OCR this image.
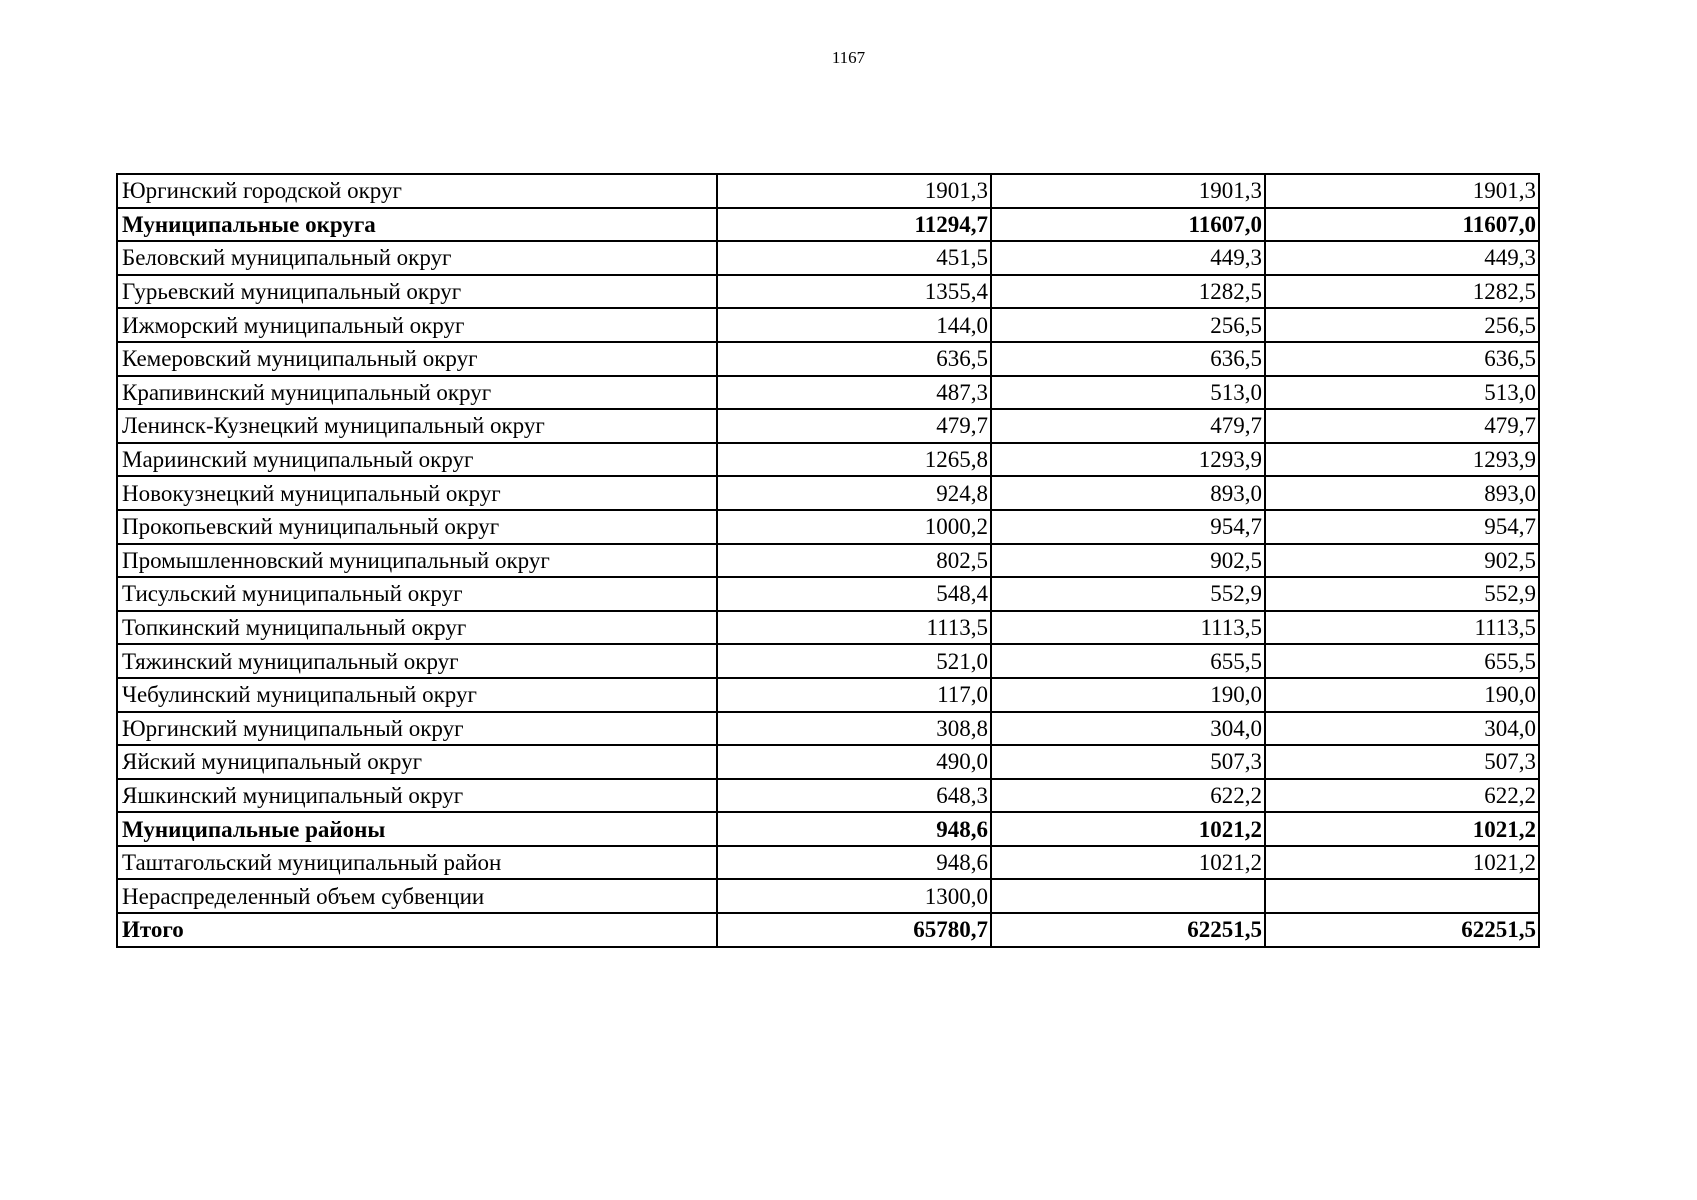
1167
Юргинский городской округ	1901,3	1901,3	1901,3
Муниципальные округа	11294,7	11607,0	11607,0
Беловский муниципальный округ	451,5	449,3	449,3
Гурьевский муниципальный округ	1355,4	1282,5	1282,5
Ижморский муниципальный округ	144,0	256,5	256,5
Кемеровский муниципальный округ	636,5	636,5	636,5
Крапивинский муниципальный округ	487,3	513,0	513,0
Ленинск-Кузнецкий муниципальный округ	479,7	479,7	479,7
Мариинский муниципальный округ	1265,8	1293,9	1293,9
Новокузнецкий муниципальный округ	924,8	893,0	893,0
Прокопьевский муниципальный округ	1000,2	954,7	954,7
Промышленновский муниципальный округ	802,5	902,5	902,5
Тисульский муниципальный округ	548,4	552,9	552,9
Топкинский муниципальный округ	1113,5	1113,5	1113,5
Тяжинский муниципальный округ	521,0	655,5	655,5
Чебулинский муниципальный округ	117,0	190,0	190,0
Юргинский муниципальный округ	308,8	304,0	304,0
Яйский муниципальный округ	490,0	507,3	507,3
Яшкинский муниципальный округ	648,3	622,2	622,2
Муниципальные районы	948,6	1021,2	1021,2
Таштагольский муниципальный район	948,6	1021,2	1021,2
Нераспределенный объем субвенции	1300,0		
Итого	65780,7	62251,5	62251,5
